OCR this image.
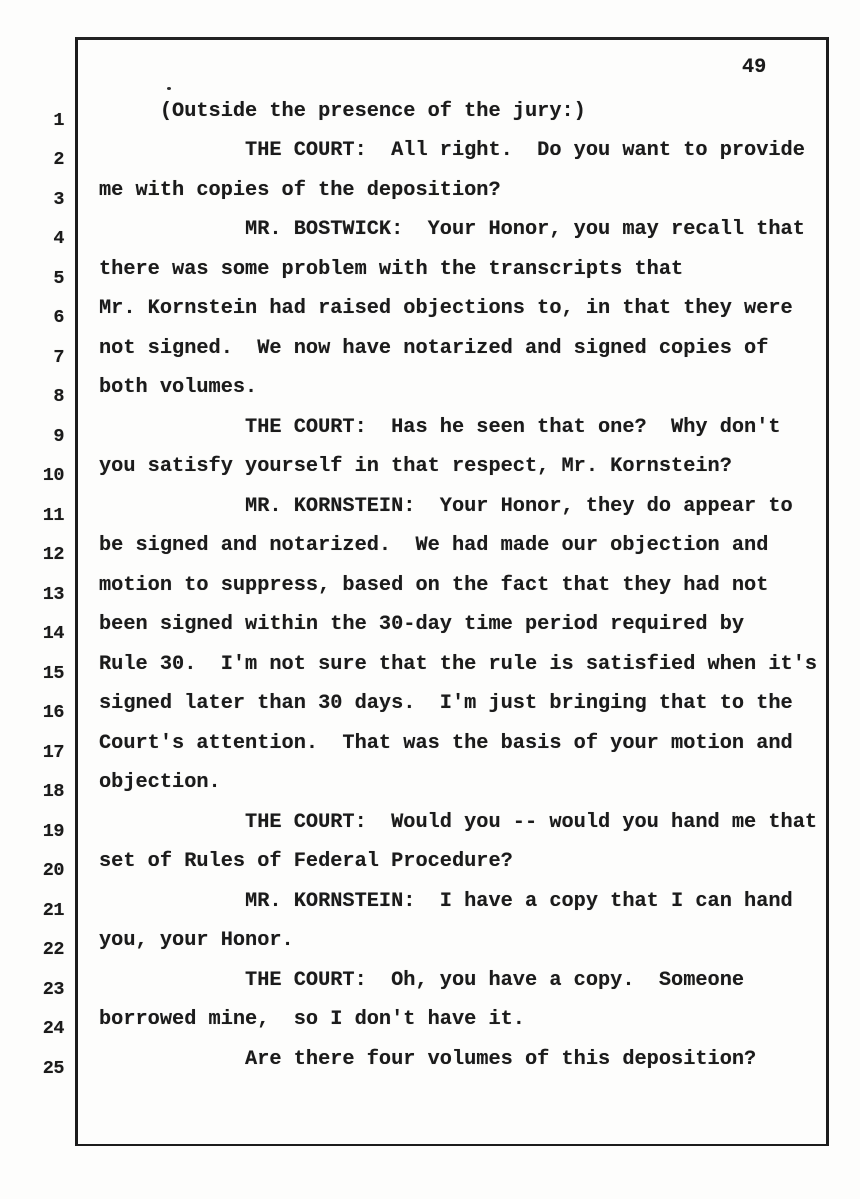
49
1 (Outside the presence of the jury:)
2 THE COURT:  All right.  Do you want to provide
3 me with copies of the deposition?
4 MR. BOSTWICK:  Your Honor, you may recall that
5 there was some problem with the transcripts that
6 Mr. Kornstein had raised objections to, in that they were
7 not signed.  We now have notarized and signed copies of
8 both volumes.
9 THE COURT:  Has he seen that one?  Why don't
10 you satisfy yourself in that respect, Mr. Kornstein?
11 MR. KORNSTEIN:  Your Honor, they do appear to
12 be signed and notarized.  We had made our objection and
13 motion to suppress, based on the fact that they had not
14 been signed within the 30-day time period required by
15 Rule 30.  I'm not sure that the rule is satisfied when it's
16 signed later than 30 days.  I'm just bringing that to the
17 Court's attention.  That was the basis of your motion and
18 objection.
19 THE COURT:  Would you -- would you hand me that
20 set of Rules of Federal Procedure?
21 MR. KORNSTEIN:  I have a copy that I can hand
22 you, your Honor.
23 THE COURT:  Oh, you have a copy.  Someone
24 borrowed mine,  so I don't have it.
25 Are there four volumes of this deposition?
